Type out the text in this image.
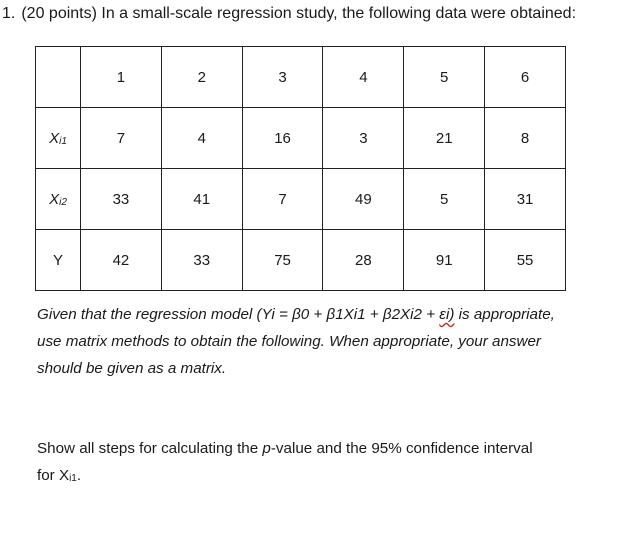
1. (20 points) In a small-scale regression study, the following data were obtained:
	1	2	3	4	5	6
$X_{i1}$	7	4	16	3	21	8
$X_{i2}$	33	41	7	49	5	31
Y	42	33	75	28	91	55
Given that the regression model (Yi = β0 + β1Xi1 + β2Xi2 + εi) is appropriate,
use matrix methods to obtain the following. When appropriate, your answer
should be given as a matrix.
Show all steps for calculating the p-value and the 95% confidence interval
for $X_{i1}$.
